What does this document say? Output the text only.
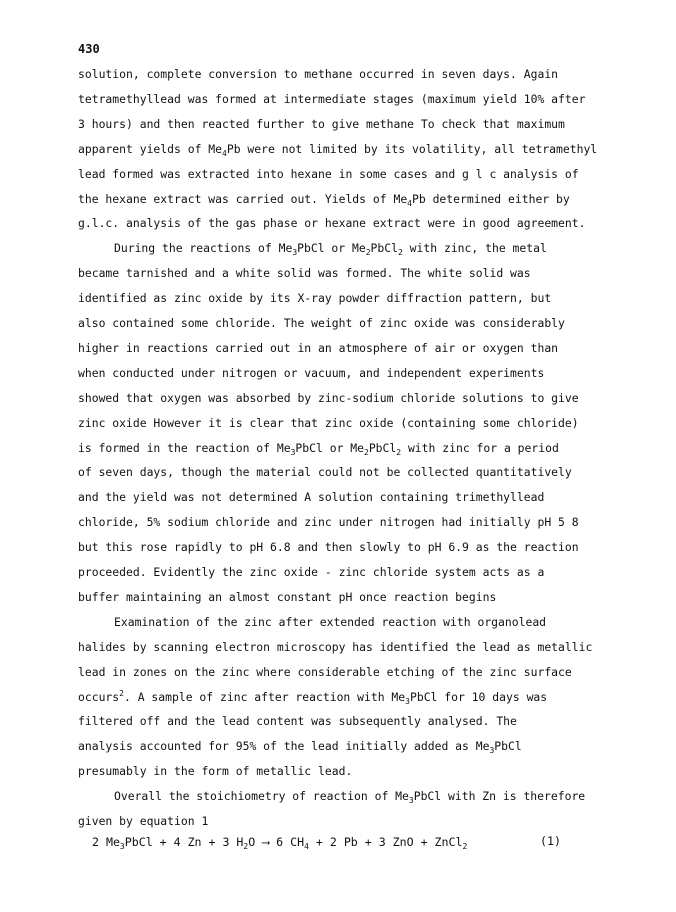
430
solution, complete conversion to methane occurred in seven days. Again
tetramethyllead was formed at intermediate stages (maximum yield 10% after
3 hours) and then reacted further to give methane To check that maximum
apparent yields of $Me_4Pb$ were not limited by its volatility, all tetramethyl
lead formed was extracted into hexane in some cases and g l c analysis of
the hexane extract was carried out. Yields of $Me_4Pb$ determined either by
g.l.c. analysis of the gas phase or hexane extract were in good agreement.
During the reactions of $Me_3PbCl$ or $Me_2PbCl_2$ with zinc, the metal
became tarnished and a white solid was formed. The white solid was
identified as zinc oxide by its X-ray powder diffraction pattern, but
also contained some chloride. The weight of zinc oxide was considerably
higher in reactions carried out in an atmosphere of air or oxygen than
when conducted under nitrogen or vacuum, and independent experiments
showed that oxygen was absorbed by zinc-sodium chloride solutions to give
zinc oxide However it is clear that zinc oxide (containing some chloride)
is formed in the reaction of $Me_3PbCl$ or $Me_2PbCl_2$ with zinc for a period
of seven days, though the material could not be collected quantitatively
and the yield was not determined A solution containing trimethyllead
chloride, 5% sodium chloride and zinc under nitrogen had initially pH 5 8
but this rose rapidly to pH 6.8 and then slowly to pH 6.9 as the reaction
proceeded. Evidently the zinc oxide - zinc chloride system acts as a
buffer maintaining an almost constant pH once reaction begins
Examination of the zinc after extended reaction with organolead
halides by scanning electron microscopy has identified the lead as metallic
lead in zones on the zinc where considerable etching of the zinc surface
occurs$^2$. A sample of zinc after reaction with $Me_3PbCl$ for 10 days was
filtered off and the lead content was subsequently analysed. The
analysis accounted for 95% of the lead initially added as $Me_3PbCl$
presumably in the form of metallic lead.
Overall the stoichiometry of reaction of $Me_3PbCl$ with Zn is therefore
given by equation 1
2 $Me_3PbCl + 4$ Zn + 3 $H_2O$ ⟶ 6 $CH_4 + 2$ Pb + 3 ZnO + ZnCl$_2$	(1)
